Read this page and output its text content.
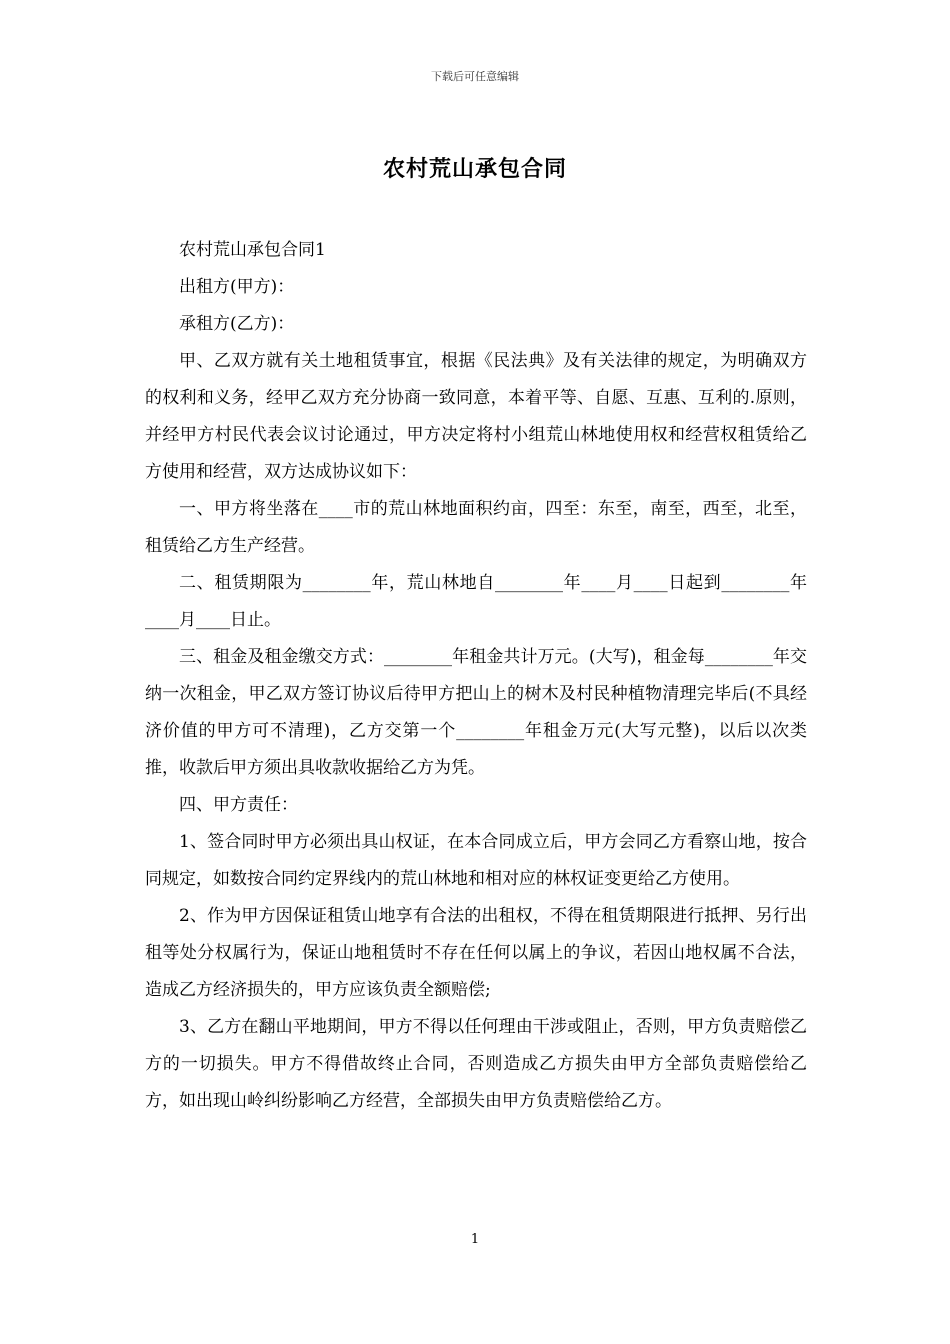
下载后可任意编辑
农村荒山承包合同

农村荒山承包合同1

出租方(甲方)：

承租方(乙方)：

甲、乙双方就有关土地租赁事宜，根据《民法典》及有关法律的规定，为明确双方的权利和义务，经甲乙双方充分协商一致同意，本着平等、自愿、互惠、互利的.原则，并经甲方村民代表会议讨论通过，甲方决定将村小组荒山林地使用权和经营权租赁给乙方使用和经营，双方达成协议如下：

一、甲方将坐落在____市的荒山林地面积约亩，四至：东至，南至，西至，北至，租赁给乙方生产经营。

二、租赁期限为________年，荒山林地自________年____月____日起到________年____月____日止。

三、租金及租金缴交方式：________年租金共计万元。(大写)，租金每________年交纳一次租金，甲乙双方签订协议后待甲方把山上的树木及村民种植物清理完毕后(不具经济价值的甲方可不清理)，乙方交第一个________年租金万元(大写元整)，以后以次类推，收款后甲方须出具收款收据给乙方为凭。

四、甲方责任：

1、签合同时甲方必须出具山权证，在本合同成立后，甲方会同乙方看察山地，按合同规定，如数按合同约定界线内的荒山林地和相对应的林权证变更给乙方使用。

2、作为甲方因保证租赁山地享有合法的出租权，不得在租赁期限进行抵押、另行出租等处分权属行为，保证山地租赁时不存在任何以属上的争议，若因山地权属不合法，造成乙方经济损失的，甲方应该负责全额赔偿;

3、乙方在翻山平地期间，甲方不得以任何理由干涉或阻止，否则，甲方负责赔偿乙方的一切损失。甲方不得借故终止合同，否则造成乙方损失由甲方全部负责赔偿给乙方，如出现山岭纠纷影响乙方经营，全部损失由甲方负责赔偿给乙方。

1
